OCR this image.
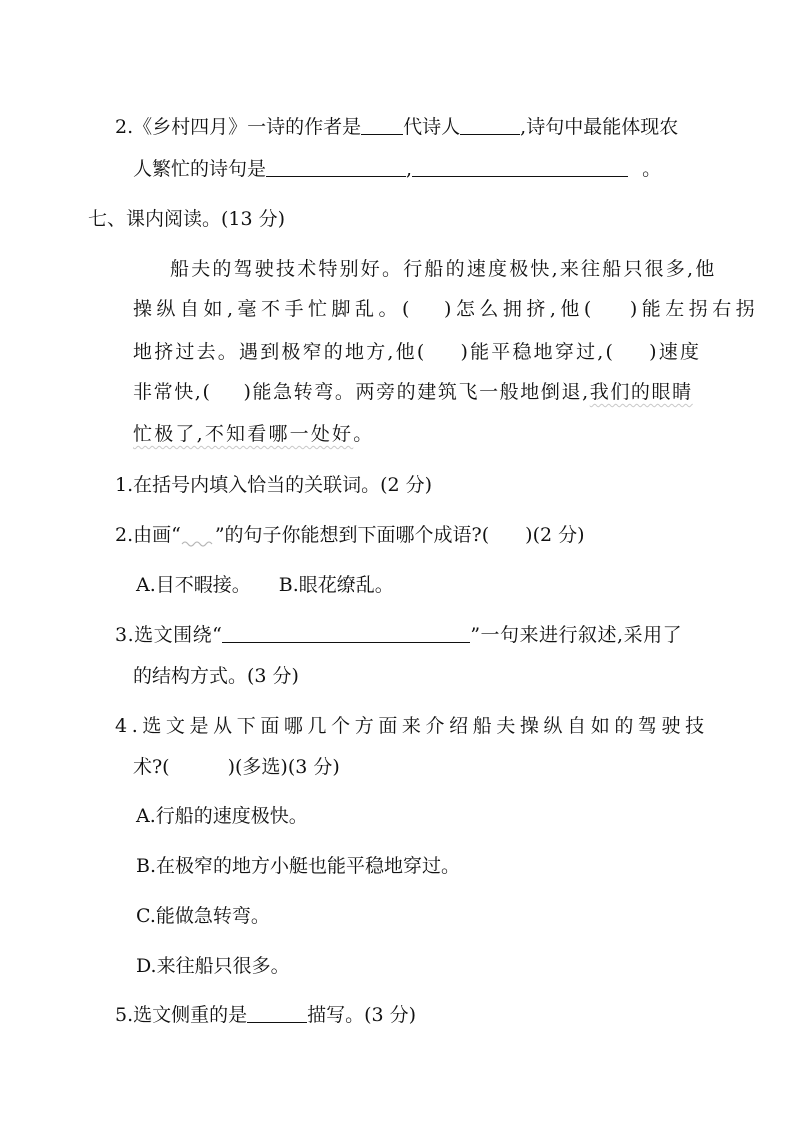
2.《乡村四月》一诗的作者是 代诗人	,诗句中最能体现农
人繁忙的诗句是	,	。
七、课内阅读。(13 分)
船夫的驾驶技术特别好。行船的速度极快,来往船只很多,他
操纵自如,毫不手忙脚乱。( )怎么拥挤,他( )能左拐右拐
地挤过去。遇到极窄的地方,他( )能平稳地穿过,( )速度
非常快,( )能急转弯。两旁的建筑飞一般地倒退,我们的眼睛
忙极了,不知看哪一处好。
1.在括号内填入恰当的关联词。(2 分)
2.由画“ ”的句子你能想到下面哪个成语?( )(2 分)
A.目不暇接。 B.眼花缭乱。
3.选文围绕“	”一句来进行叙述,采用了
的结构方式。(3 分)
4.选文是从下面哪几个方面来介绍船夫操纵自如的驾驶技
术?(	)(多选)(3 分)
A.行船的速度极快。
B.在极窄的地方小艇也能平稳地穿过。
C.能做急转弯。
D.来往船只很多。
5.选文侧重的是	描写。(3 分)
